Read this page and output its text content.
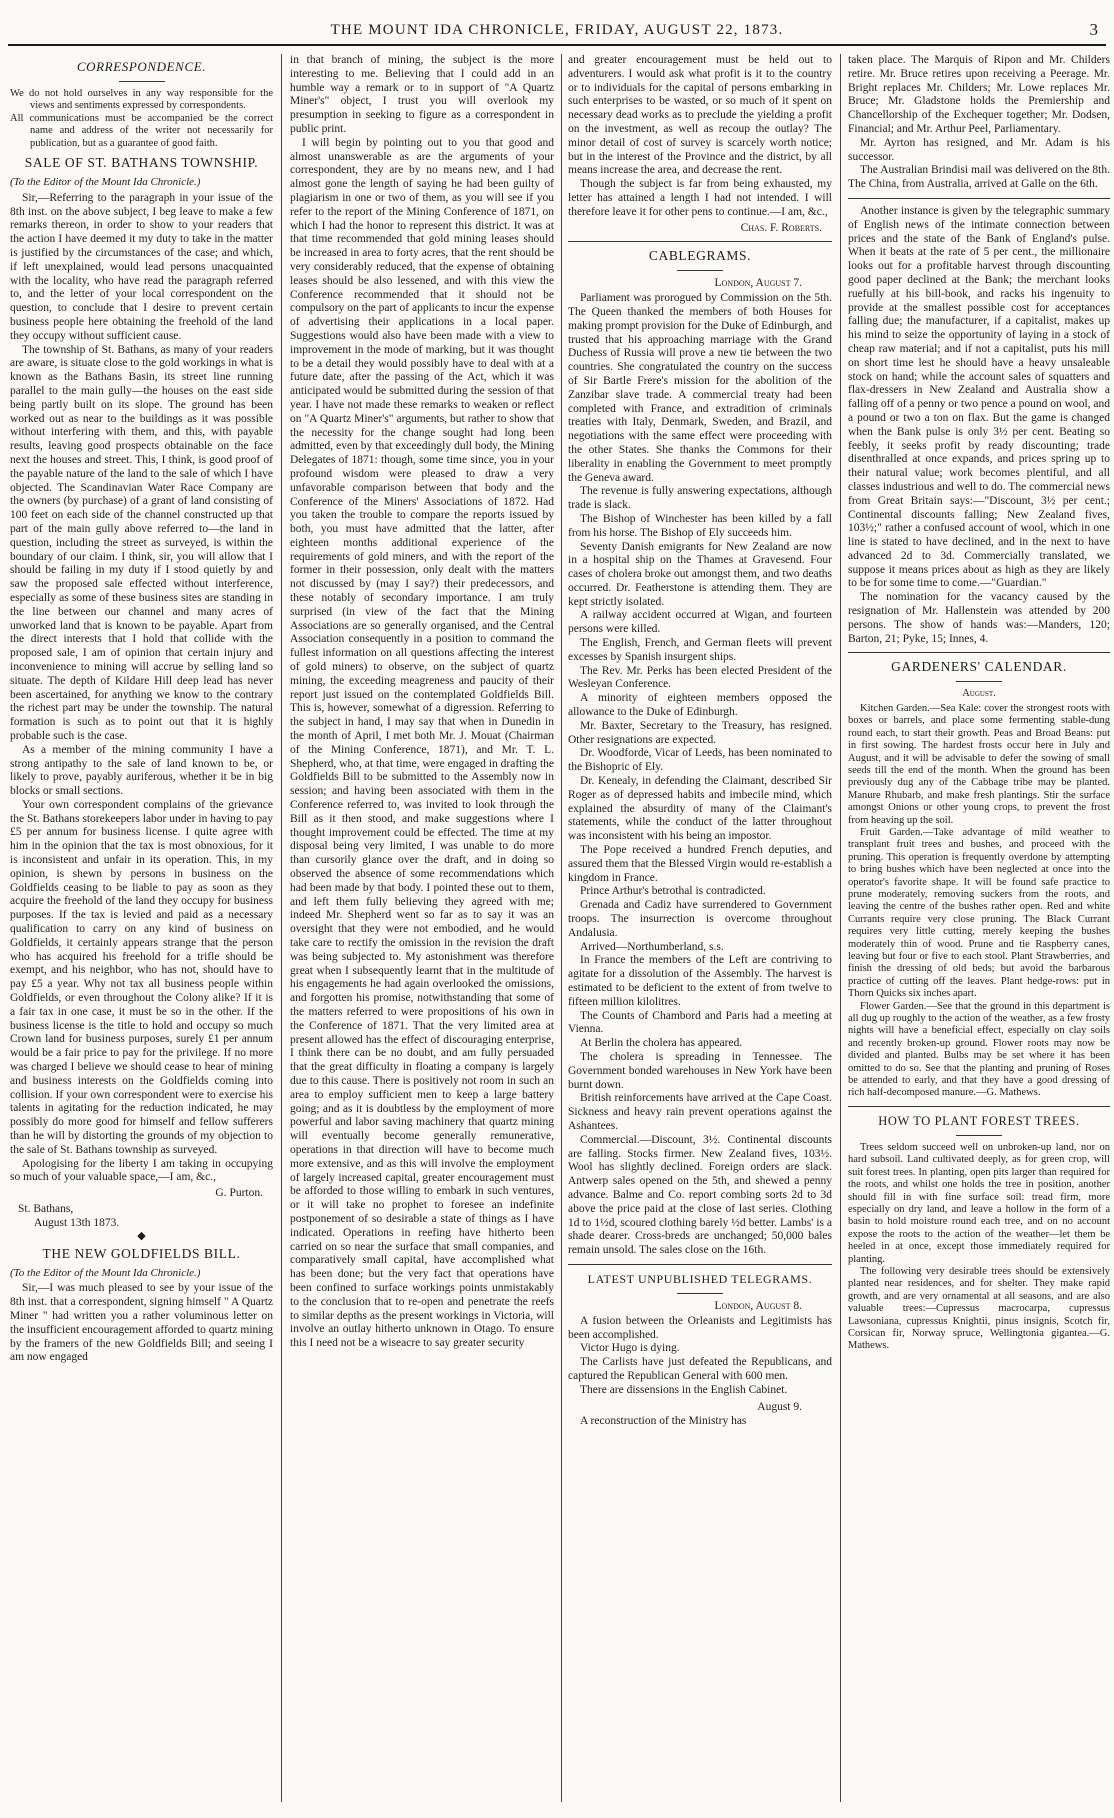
THE MOUNT IDA CHRONICLE, FRIDAY, AUGUST 22, 1873.	3
CORRESPONDENCE.
We do not hold ourselves in any way responsible for the views and sentiments expressed by correspondents.
All communications must be accompanied be the correct name and address of the writer not necessarily for publication, but as a guarantee of good faith.
SALE OF ST. BATHANS TOWNSHIP.
(To the Editor of the Mount Ida Chronicle.)

Sir,—Referring to the paragraph in your issue of the 8th inst. on the above subject, I beg leave to make a few remarks thereon, in order to show to your readers that the action I have deemed it my duty to take in the matter is justified by the circumstances of the case; and which, if left unexplained, would lead persons unacquainted with the locality, who have read the paragraph referred to, and the letter of your local correspondent on the question, to conclude that I desire to prevent certain business people here obtaining the freehold of the land they occupy without sufficient cause.

The township of St. Bathans, as many of your readers are aware, is situate close to the gold workings in what is known as the Bathans Basin, its street line running parallel to the main gully—the houses on the east side being partly built on its slope. The ground has been worked out as near to the buildings as it was possible without interfering with them, and this, with payable results, leaving good prospects obtainable on the face next the houses and street. This, I think, is good proof of the payable nature of the land to the sale of which I have objected. The Scandinavian Water Race Company are the owners (by purchase) of a grant of land consisting of 100 feet on each side of the channel constructed up that part of the main gully above referred to—the land in question, including the street as surveyed, is within the boundary of our claim. I think, sir, you will allow that I should be failing in my duty if I stood quietly by and saw the proposed sale effected without interference, especially as some of these business sites are standing in the line between our channel and many acres of unworked land that is known to be payable. Apart from the direct interests that I hold that collide with the proposed sale, I am of opinion that certain injury and inconvenience to mining will accrue by selling land so situate. The depth of Kildare Hill deep lead has never been ascertained, for anything we know to the contrary the richest part may be under the township. The natural formation is such as to point out that it is highly probable such is the case.

As a member of the mining community I have a strong antipathy to the sale of land known to be, or likely to prove, payably auriferous, whether it be in big blocks or small sections.

Your own correspondent complains of the grievance the St. Bathans storekeepers labor under in having to pay £5 per annum for business license. I quite agree with him in the opinion that the tax is most obnoxious, for it is inconsistent and unfair in its operation. This, in my opinion, is shewn by persons in business on the Goldfields ceasing to be liable to pay as soon as they acquire the freehold of the land they occupy for business purposes. If the tax is levied and paid as a necessary qualification to carry on any kind of business on Goldfields, it certainly appears strange that the person who has acquired his freehold for a trifle should be exempt, and his neighbor, who has not, should have to pay £5 a year. Why not tax all business people within Goldfields, or even throughout the Colony alike? If it is a fair tax in one case, it must be so in the other. If the business license is the title to hold and occupy so much Crown land for business purposes, surely £1 per annum would be a fair price to pay for the privilege. If no more was charged I believe we should cease to hear of mining and business interests on the Goldfields coming into collision. If your own correspondent were to exercise his talents in agitating for the reduction indicated, he may possibly do more good for himself and fellow sufferers than he will by distorting the grounds of my objection to the sale of St. Bathans township as surveyed.

Apologising for the liberty I am taking in occupying so much of your valuable space,—I am, &c.,

G. Purton.

St. Bathans,

August 13th 1873.

◆
THE NEW GOLDFIELDS BILL.
(To the Editor of the Mount Ida Chronicle.)

Sir,—I was much pleased to see by your issue of the 8th inst. that a correspondent, signing himself " A Quartz Miner " had written you a rather voluminous letter on the insufficient encouragement afforded to quartz mining by the framers of the new Goldfields Bill; and seeing I am now engaged

in that branch of mining, the subject is the more interesting to me. Believing that I could add in an humble way a remark or to in support of "A Quartz Miner's" object, I trust you will overlook my presumption in seeking to figure as a correspondent in public print.

I will begin by pointing out to you that good and almost unanswerable as are the arguments of your correspondent, they are by no means new, and I had almost gone the length of saying he had been guilty of plagiarism in one or two of them, as you will see if you refer to the report of the Mining Conference of 1871, on which I had the honor to represent this district. It was at that time recommended that gold mining leases should be increased in area to forty acres, that the rent should be very considerably reduced, that the expense of obtaining leases should be also lessened, and with this view the Conference recommended that it should not be compulsory on the part of applicants to incur the expense of advertising their applications in a local paper. Suggestions would also have been made with a view to improvement in the mode of marking, but it was thought to be a detail they would possibly have to deal with at a future date, after the passing of the Act, which it was anticipated would be submitted during the session of that year. I have not made these remarks to weaken or reflect on "A Quartz Miner's" arguments, but rather to show that the necessity for the change sought had long been admitted, even by that exceedingly dull body, the Mining Delegates of 1871: though, some time since, you in your profound wisdom were pleased to draw a very unfavorable comparison between that body and the Conference of the Miners' Associations of 1872. Had you taken the trouble to compare the reports issued by both, you must have admitted that the latter, after eighteen months additional experience of the requirements of gold miners, and with the report of the former in their possession, only dealt with the matters not discussed by (may I say?) their predecessors, and these notably of secondary importance. I am truly surprised (in view of the fact that the Mining Associations are so generally organised, and the Central Association consequently in a position to command the fullest information on all questions affecting the interest of gold miners) to observe, on the subject of quartz mining, the exceeding meagreness and paucity of their report just issued on the contemplated Goldfields Bill. This is, however, somewhat of a digression. Referring to the subject in hand, I may say that when in Dunedin in the month of April, I met both Mr. J. Mouat (Chairman of the Mining Conference, 1871), and Mr. T. L. Shepherd, who, at that time, were engaged in drafting the Goldfields Bill to be submitted to the Assembly now in session; and having been associated with them in the Conference referred to, was invited to look through the Bill as it then stood, and make suggestions where I thought improvement could be effected. The time at my disposal being very limited, I was unable to do more than cursorily glance over the draft, and in doing so observed the absence of some recommendations which had been made by that body. I pointed these out to them, and left them fully believing they agreed with me; indeed Mr. Shepherd went so far as to say it was an oversight that they were not embodied, and he would take care to rectify the omission in the revision the draft was being subjected to. My astonishment was therefore great when I subsequently learnt that in the multitude of his engagements he had again overlooked the omissions, and forgotten his promise, notwithstanding that some of the matters referred to were propositions of his own in the Conference of 1871. That the very limited area at present allowed has the effect of discouraging enterprise, I think there can be no doubt, and am fully persuaded that the great difficulty in floating a company is largely due to this cause. There is positively not room in such an area to employ sufficient men to keep a large battery going; and as it is doubtless by the employment of more powerful and labor saving machinery that quartz mining will eventually become generally remunerative, operations in that direction will have to become much more extensive, and as this will involve the employment of largely increased capital, greater encouragement must be afforded to those willing to embark in such ventures, or it will take no prophet to foresee an indefinite postponement of so desirable a state of things as I have indicated. Operations in reefing have hitherto been carried on so near the surface that small companies, and comparatively small capital, have accomplished what has been done; but the very fact that operations have been confined to surface workings points unmistakably to the conclusion that to re-open and penetrate the reefs to similar depths as the present workings in Victoria, will involve an outlay hitherto unknown in Otago. To ensure this I need not be a wiseacre to say greater security

and greater encouragement must be held out to adventurers. I would ask what profit is it to the country or to individuals for the capital of persons embarking in such enterprises to be wasted, or so much of it spent on necessary dead works as to preclude the yielding a profit on the investment, as well as recoup the outlay? The minor detail of cost of survey is scarcely worth notice; but in the interest of the Province and the district, by all means increase the area, and decrease the rent.

Though the subject is far from being exhausted, my letter has attained a length I had not intended. I will therefore leave it for other pens to continue.—I am, &c.,

Chas. F. Roberts.

CABLEGRAMS.

London, August 7.

Parliament was prorogued by Commission on the 5th. The Queen thanked the members of both Houses for making prompt provision for the Duke of Edinburgh, and trusted that his approaching marriage with the Grand Duchess of Russia will prove a new tie between the two countries. She congratulated the country on the success of Sir Bartle Frere's mission for the abolition of the Zanzibar slave trade. A commercial treaty had been completed with France, and extradition of criminals treaties with Italy, Denmark, Sweden, and Brazil, and negotiations with the same effect were proceeding with the other States. She thanks the Commons for their liberality in enabling the Government to meet promptly the Geneva award.

The revenue is fully answering expectations, although trade is slack.

The Bishop of Winchester has been killed by a fall from his horse. The Bishop of Ely succeeds him.

Seventy Danish emigrants for New Zealand are now in a hospital ship on the Thames at Gravesend. Four cases of cholera broke out amongst them, and two deaths occurred. Dr. Featherstone is attending them. They are kept strictly isolated.

A railway accident occurred at Wigan, and fourteen persons were killed.

The English, French, and German fleets will prevent excesses by Spanish insurgent ships.

The Rev. Mr. Perks has been elected President of the Wesleyan Conference.

A minority of eighteen members opposed the allowance to the Duke of Edinburgh.

Mr. Baxter, Secretary to the Treasury, has resigned. Other resignations are expected.

Dr. Woodforde, Vicar of Leeds, has been nominated to the Bishopric of Ely.

Dr. Kenealy, in defending the Claimant, described Sir Roger as of depressed habits and imbecile mind, which explained the absurdity of many of the Claimant's statements, while the conduct of the latter throughout was inconsistent with his being an impostor.

The Pope received a hundred French deputies, and assured them that the Blessed Virgin would re-establish a kingdom in France.

Prince Arthur's betrothal is contradicted.

Grenada and Cadiz have surrendered to Government troops. The insurrection is overcome throughout Andalusia.

Arrived—Northumberland, s.s.

In France the members of the Left are contriving to agitate for a dissolution of the Assembly. The harvest is estimated to be deficient to the extent of from twelve to fifteen million kilolitres.

The Counts of Chambord and Paris had a meeting at Vienna.

At Berlin the cholera has appeared.

The cholera is spreading in Tennessee. The Government bonded warehouses in New York have been burnt down.

British reinforcements have arrived at the Cape Coast. Sickness and heavy rain prevent operations against the Ashantees.

Commercial.—Discount, 3½. Continental discounts are falling. Stocks firmer. New Zealand fives, 103½. Wool has slightly declined. Foreign orders are slack. Antwerp sales opened on the 5th, and shewed a penny advance. Balme and Co. report combing sorts 2d to 3d above the price paid at the close of last series. Clothing 1d to 1½d, scoured clothing barely ½d better. Lambs' is a shade dearer. Cross-breds are unchanged; 50,000 bales remain unsold. The sales close on the 16th.

LATEST UNPUBLISHED TELEGRAMS.

London, August 8.

A fusion between the Orleanists and Legitimists has been accomplished.

Victor Hugo is dying.

The Carlists have just defeated the Republicans, and captured the Republican General with 600 men.

There are dissensions in the English Cabinet.

August 9.

A reconstruction of the Ministry has

taken place. The Marquis of Ripon and Mr. Childers retire. Mr. Bruce retires upon receiving a Peerage. Mr. Bright replaces Mr. Childers; Mr. Lowe replaces Mr. Bruce; Mr. Gladstone holds the Premiership and Chancellorship of the Exchequer together; Mr. Dodsen, Financial; and Mr. Arthur Peel, Parliamentary.

Mr. Ayrton has resigned, and Mr. Adam is his successor.

The Australian Brindisi mail was delivered on the 8th. The China, from Australia, arrived at Galle on the 6th.

Another instance is given by the telegraphic summary of English news of the intimate connection between prices and the state of the Bank of England's pulse. When it beats at the rate of 5 per cent., the millionaire looks out for a profitable harvest through discounting good paper declined at the Bank; the merchant looks ruefully at his bill-book, and racks his ingenuity to provide at the smallest possible cost for acceptances falling due; the manufacturer, if a capitalist, makes up his mind to seize the opportunity of laying in a stock of cheap raw material; and if not a capitalist, puts his mill on short time lest he should have a heavy unsaleable stock on hand; while the account sales of squatters and flax-dressers in New Zealand and Australia show a falling off of a penny or two pence a pound on wool, and a pound or two a ton on flax. But the game is changed when the Bank pulse is only 3½ per cent. Beating so feebly, it seeks profit by ready discounting; trade disenthralled at once expands, and prices spring up to their natural value; work becomes plentiful, and all classes industrious and well to do. The commercial news from Great Britain says:—"Discount, 3½ per cent.; Continental discounts falling; New Zealand fives, 103½;" rather a confused account of wool, which in one line is stated to have declined, and in the next to have advanced 2d to 3d. Commercially translated, we suppose it means prices about as high as they are likely to be for some time to come.—"Guardian."

The nomination for the vacancy caused by the resignation of Mr. Hallenstein was attended by 200 persons. The show of hands was:—Manders, 120; Barton, 21; Pyke, 15; Innes, 4.

GARDENERS' CALENDAR.
August.

Kitchen Garden.—Sea Kale: cover the strongest roots with boxes or barrels, and place some fermenting stable-dung round each, to start their growth. Peas and Broad Beans: put in first sowing. The hardest frosts occur here in July and August, and it will be advisable to defer the sowing of small seeds till the end of the month. When the ground has been previously dug any of the Cabbage tribe may be planted. Manure Rhubarb, and make fresh plantings. Stir the surface amongst Onions or other young crops, to prevent the frost from heaving up the soil.

Fruit Garden.—Take advantage of mild weather to transplant fruit trees and bushes, and proceed with the pruning. This operation is frequently overdone by attempting to bring bushes which have been neglected at once into the operator's favorite shape. It will be found safe practice to prune moderately, removing suckers from the roots, and leaving the centre of the bushes rather open. Red and white Currants require very close pruning. The Black Currant requires very little cutting, merely keeping the bushes moderately thin of wood. Prune and tie Raspberry canes, leaving but four or five to each stool. Plant Strawberries, and finish the dressing of old beds; but avoid the barbarous practice of cutting off the leaves. Plant hedge-rows: put in Thorn Quicks six inches apart.

Flower Garden.—See that the ground in this department is all dug up roughly to the action of the weather, as a few frosty nights will have a beneficial effect, especially on clay soils and recently broken-up ground. Flower roots may now be divided and planted. Bulbs may be set where it has been omitted to do so. See that the planting and pruning of Roses be attended to early, and that they have a good dressing of rich half-decomposed manure.—G. Mathews.

HOW TO PLANT FOREST TREES.

Trees seldom succeed well on unbroken-up land, nor on hard subsoil. Land cultivated deeply, as for green crop, will suit forest trees. In planting, open pits larger than required for the roots, and whilst one holds the tree in position, another should fill in with fine surface soil: tread firm, more especially on dry land, and leave a hollow in the form of a basin to hold moisture round each tree, and on no account expose the roots to the action of the weather—let them be heeled in at once, except those immediately required for planting.

The following very desirable trees should be extensively planted near residences, and for shelter. They make rapid growth, and are very ornamental at all seasons, and are also valuable trees:—Cupressus macrocarpa, cupressus Lawsoniana, cupressus Knightii, pinus insignis, Scotch fir, Corsican fir, Norway spruce, Wellingtonia gigantea.—G. Mathews.
